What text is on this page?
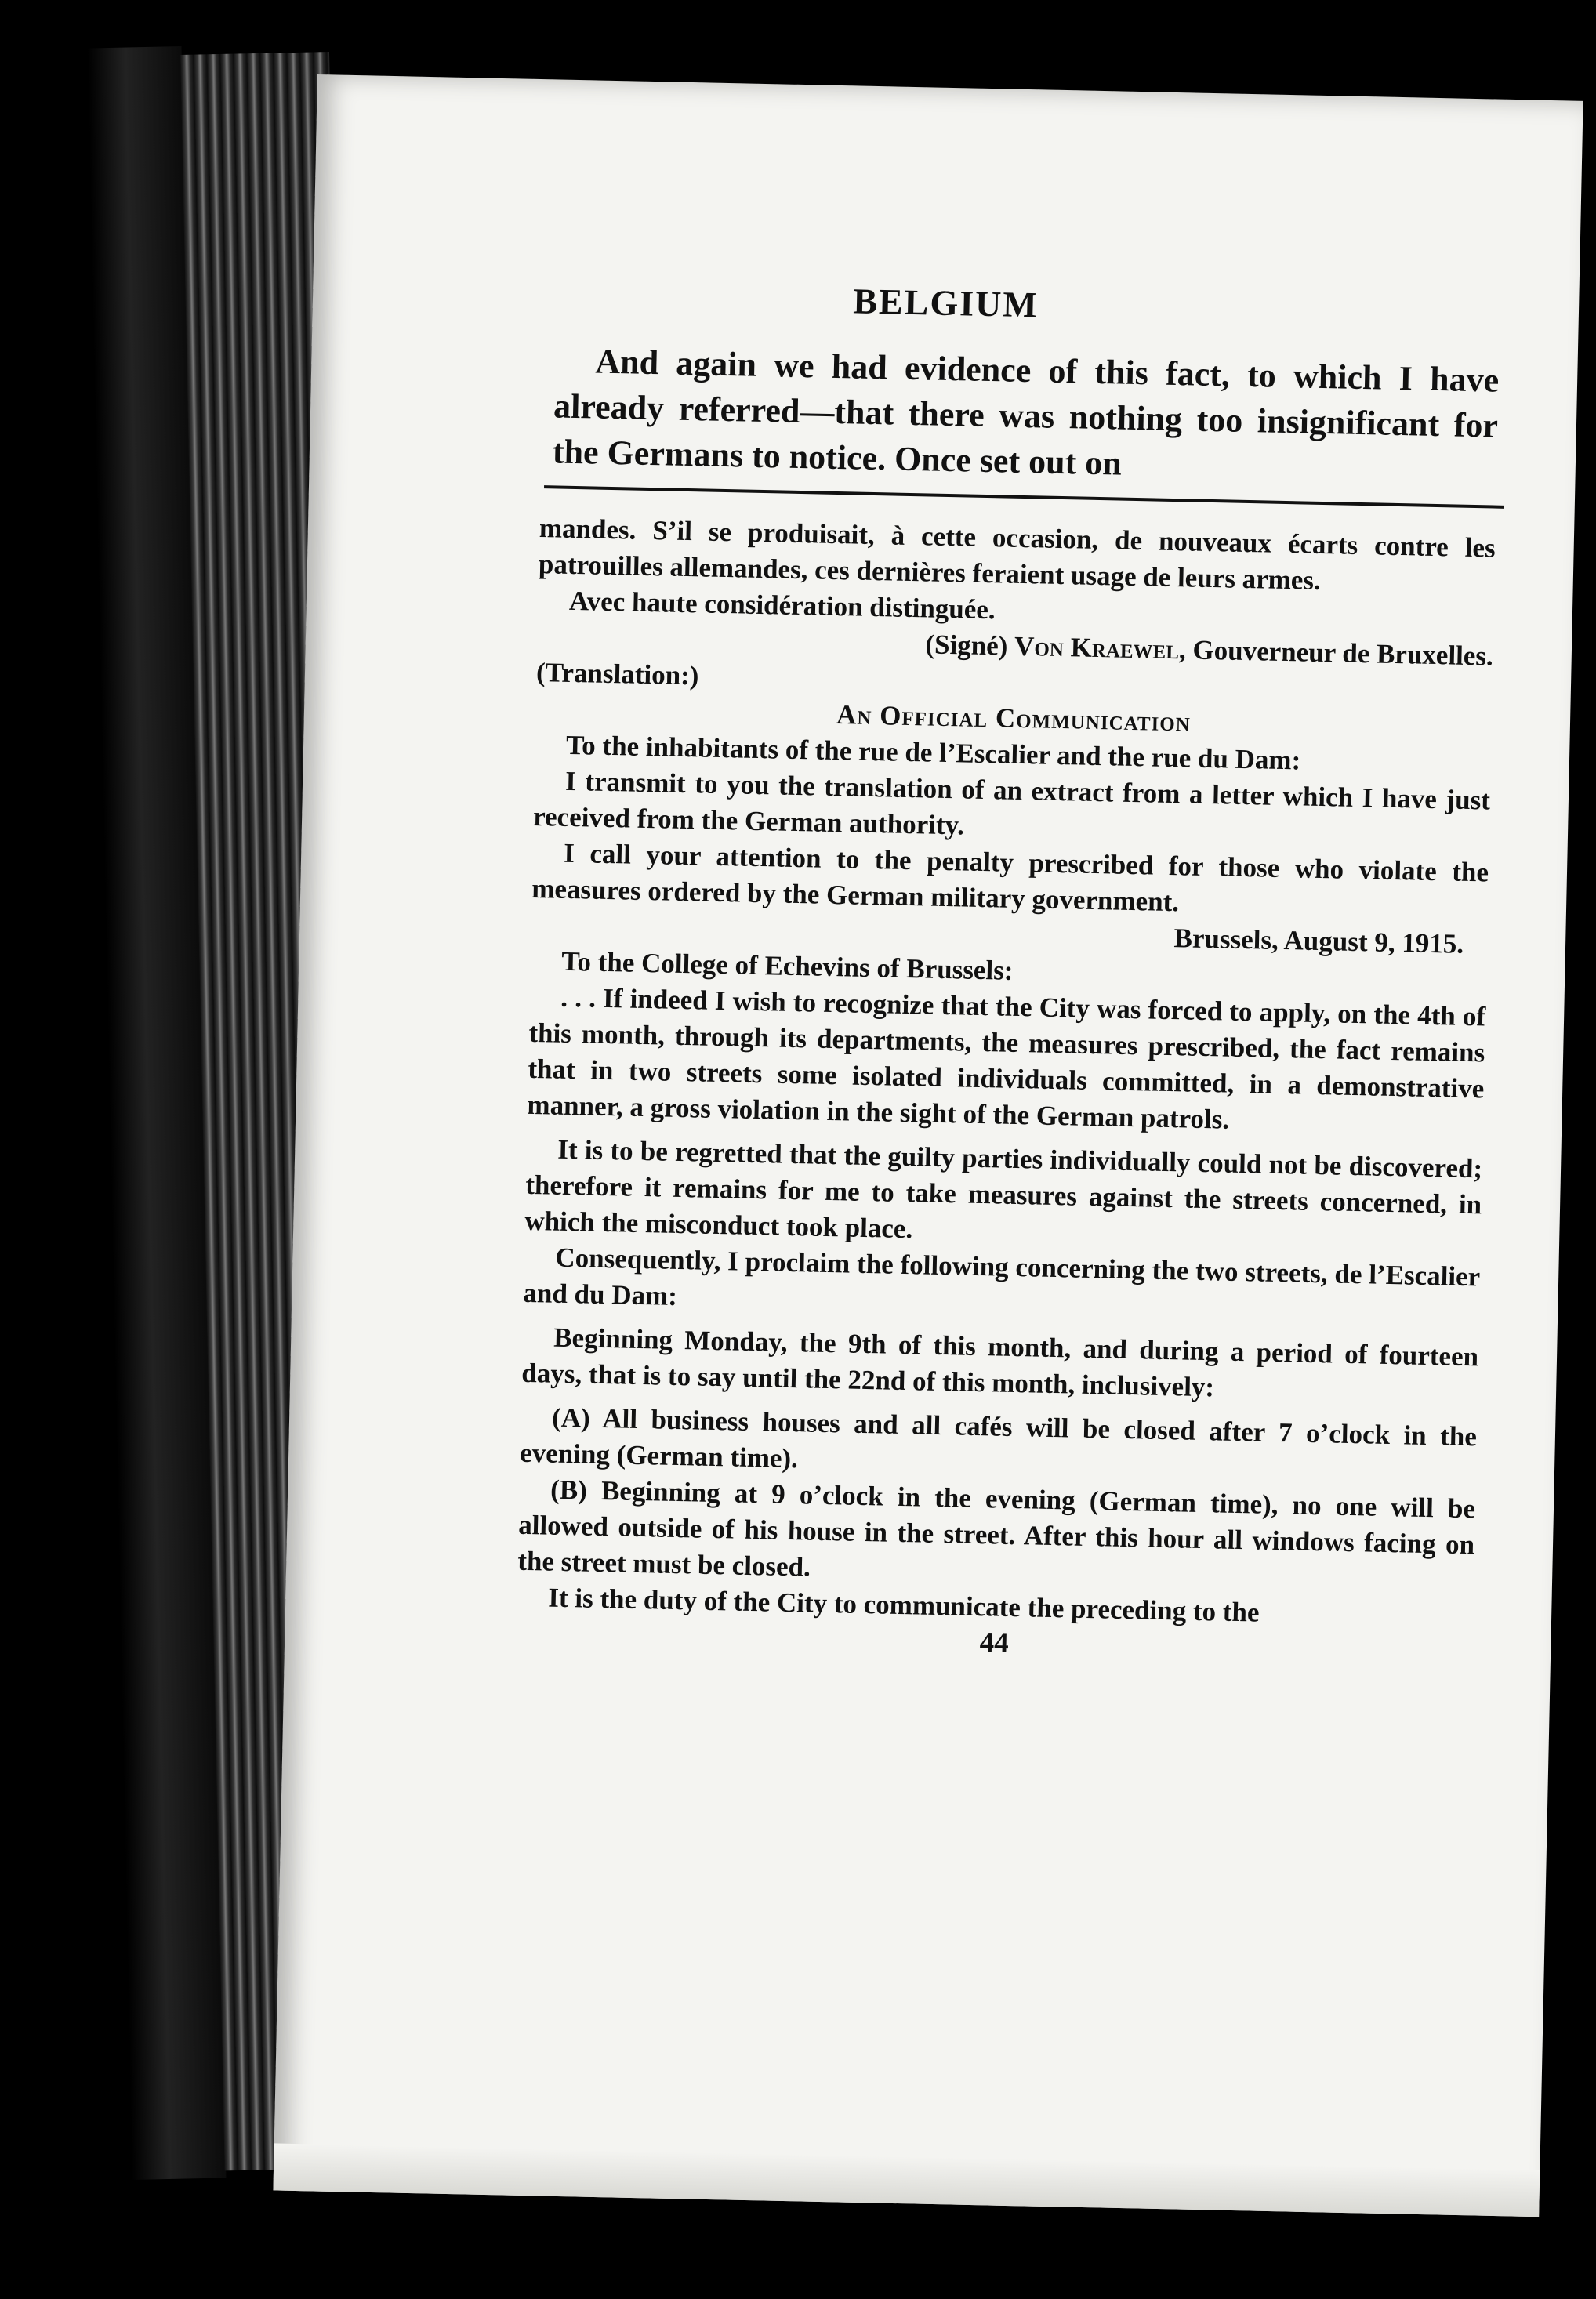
BELGIUM

And again we had evidence of this fact, to which I have already referred—that there was nothing too insignificant for the Germans to notice. Once set out on

mandes. S’il se produisait, à cette occasion, de nouveaux écarts contre les patrouilles allemandes, ces dernières feraient usage de leurs armes.

Avec haute considération distinguée.

(Signé) Von Kraewel, Gouverneur de Bruxelles.

(Translation:)

An Official Communication

To the inhabitants of the rue de l’Escalier and the rue du Dam:

I transmit to you the translation of an extract from a letter which I have just received from the German authority.

I call your attention to the penalty prescribed for those who violate the measures ordered by the German military government.

Brussels, August 9, 1915.

To the College of Echevins of Brussels:

. . . If indeed I wish to recognize that the City was forced to apply, on the 4th of this month, through its departments, the measures prescribed, the fact remains that in two streets some isolated individuals committed, in a demonstrative manner, a gross violation in the sight of the German patrols.

It is to be regretted that the guilty parties individually could not be discovered; therefore it remains for me to take measures against the streets concerned, in which the misconduct took place.

Consequently, I proclaim the following concerning the two streets, de l’Escalier and du Dam:

Beginning Monday, the 9th of this month, and during a period of fourteen days, that is to say until the 22nd of this month, inclusively:

(A) All business houses and all cafés will be closed after 7 o’clock in the evening (German time).

(B) Beginning at 9 o’clock in the evening (German time), no one will be allowed outside of his house in the street. After this hour all windows facing on the street must be closed.

It is the duty of the City to communicate the preceding to the

44
